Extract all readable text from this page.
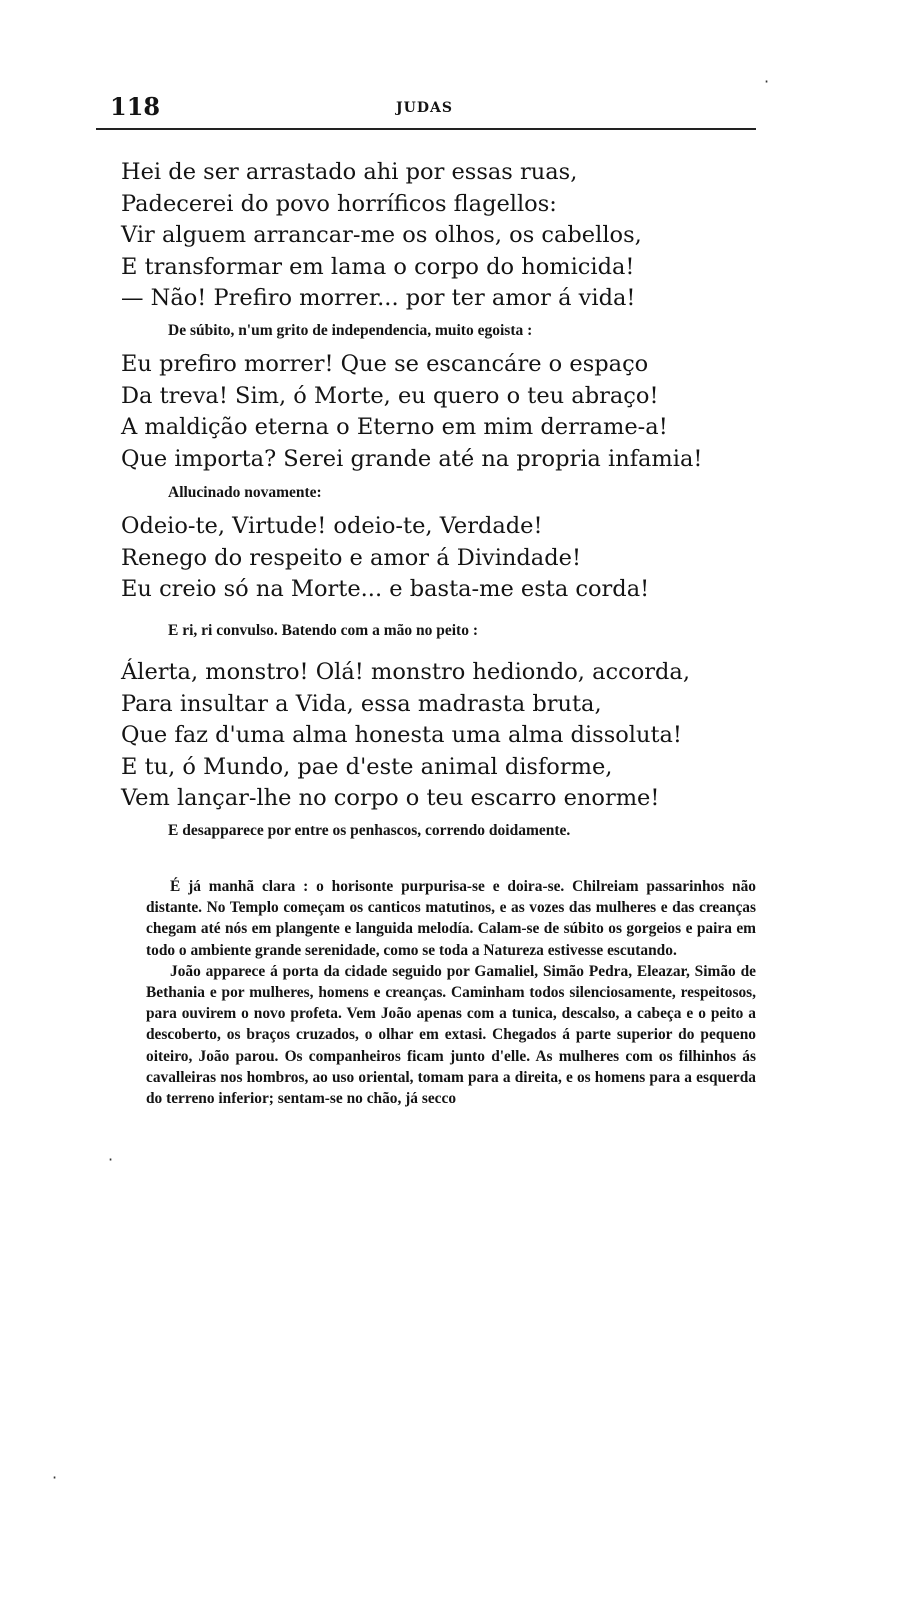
118	JUDAS
Hei de ser arrastado ahi por essas ruas,
Padecerei do povo horríficos flagellos:
Vir alguem arrancar-me os olhos, os cabellos,
E transformar em lama o corpo do homicida!
— Não! Prefiro morrer... por ter amor á vida!
De súbito, n'um grito de independencia, muito egoista :
Eu prefiro morrer! Que se escancáre o espaço
Da treva! Sim, ó Morte, eu quero o teu abraço!
A maldição eterna o Eterno em mim derrame-a!
Que importa? Serei grande até na propria infamia!
Allucinado novamente:
Odeio-te, Virtude! odeio-te, Verdade!
Renego do respeito e amor á Divindade!
Eu creio só na Morte... e basta-me esta corda!
E ri, ri convulso. Batendo com a mão no peito :
Álerta, monstro! Olá! monstro hediondo, accorda,
Para insultar a Vida, essa madrasta bruta,
Que faz d'uma alma honesta uma alma dissoluta!
E tu, ó Mundo, pae d'este animal disforme,
Vem lançar-lhe no corpo o teu escarro enorme!
E desapparece por entre os penhascos, correndo doidamente.

É já manhã clara : o horisonte purpurisa-se e doira-se. Chilreiam passarinhos não distante. No Templo começam os canticos matutinos, e as vozes das mulheres e das creanças chegam até nós em plangente e languida melodía. Calam-se de súbito os gorgeios e paira em todo o ambiente grande serenidade, como se toda a Natureza estivesse escutando.

João apparece á porta da cidade seguido por Gamaliel, Simão Pedra, Eleazar, Simão de Bethania e por mulheres, homens e creanças. Caminham todos silenciosamente, respeitosos, para ouvirem o novo profeta. Vem João apenas com a tunica, descalso, a cabeça e o peito a descoberto, os braços cruzados, o olhar em extasi. Chegados á parte superior do pequeno oiteiro, João parou. Os companheiros ficam junto d'elle. As mulheres com os filhinhos ás cavalleiras nos hombros, ao uso oriental, tomam para a direita, e os homens para a esquerda do terreno inferior; sentam-se no chão, já secco

·
·
·
